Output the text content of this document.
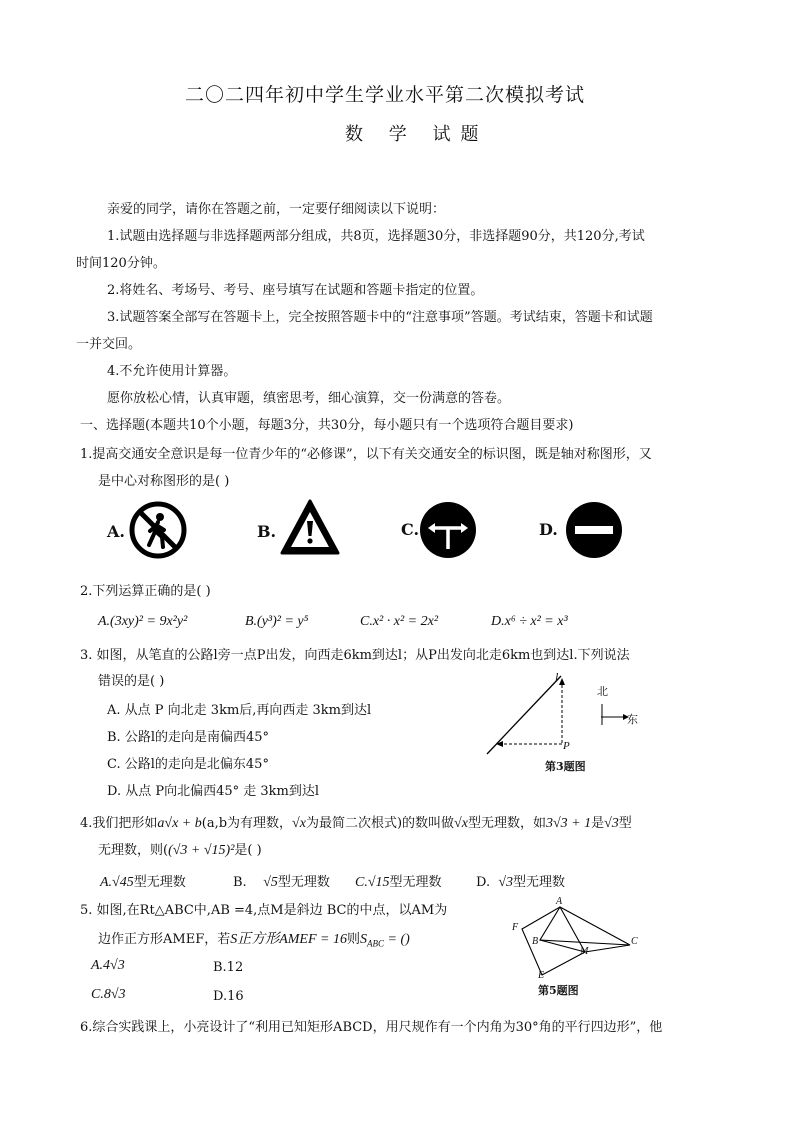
二〇二四年初中学生学业水平第二次模拟考试
数 学 试题
亲爱的同学，请你在答题之前，一定要仔细阅读以下说明：
1.试题由选择题与非选择题两部分组成，共8页，选择题30分，非选择题90分，共120分,考试
时间120分钟。
2.将姓名、考场号、考号、座号填写在试题和答题卡指定的位置。
3.试题答案全部写在答题卡上，完全按照答题卡中的“注意事项”答题。考试结束，答题卡和试题
一并交回。
4.不允许使用计算器。
愿你放松心情，认真审题，缜密思考，细心演算，交一份满意的答卷。
一、选择题(本题共10个小题，每题3分，共30分，每小题只有一个选项符合题目要求)
1.提高交通安全意识是每一位青少年的“必修课”，以下有关交通安全的标识图，既是轴对称图形，又
是中心对称图形的是( )
A.	B.	C.	D.
2.下列运算正确的是( )
A.(3xy)² = 9x²y²	B.(y³)² = y⁵	C.x² · x² = 2x²	D.x⁶ ÷ x² = x³
3. 如图，从笔直的公路l旁一点P出发，向西走6km到达l；从P出发向北走6km也到达l.下列说法
错误的是( )
A. 从点 P 向北走 3km后,再向西走 3km到达l
B. 公路l的走向是南偏西45°
C. 公路l的走向是北偏东45°
D. 从点 P向北偏西45° 走 3km到达l
l
北
东
P
第3题图
4.我们把形如a√x + b(a,b为有理数，√x为最简二次根式)的数叫做√x型无理数，如3√3 + 1是√3型
无理数，则((√3 + √15)²是( )
A.√45型无理数	B. √5型无理数 C.√15型无理数	D. √3型无理数
5. 如图,在Rt△ABC中,AB =4,点M是斜边 BC的中点，以AM为
边作正方形AMEF，若S正方形AMEF = 16则$S_{ABC}$ = ()
A.4√3	B.12
C.8√3	D.16
A
F
B	C
M
E
第5题图
6.综合实践课上，小亮设计了“利用已知矩形ABCD，用尺规作有一个内角为30°角的平行四边形”，他
